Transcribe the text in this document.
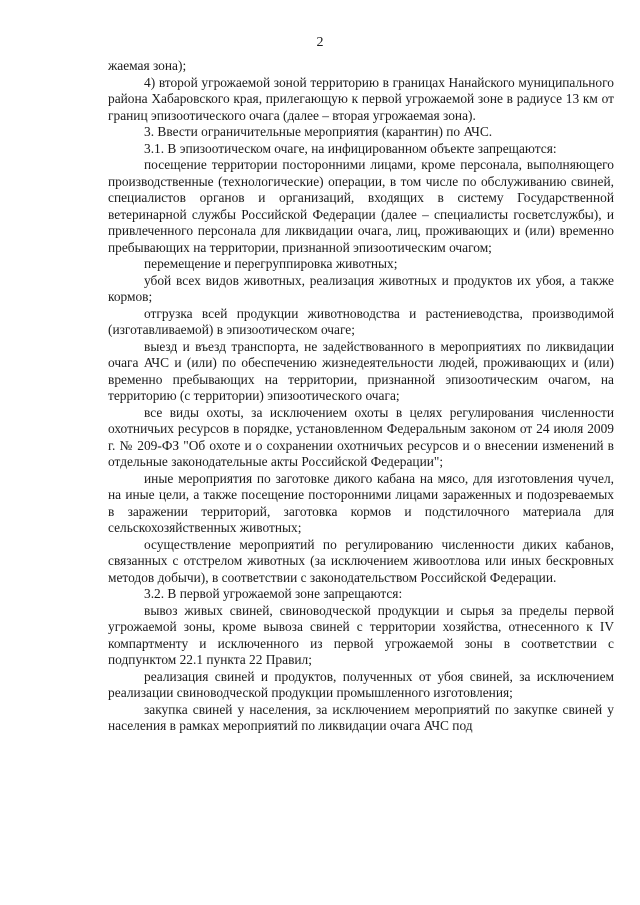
2

жаемая зона);

4) второй угрожаемой зоной территорию в границах Нанайского муниципального района Хабаровского края, прилегающую к первой угрожаемой зоне в радиусе 13 км от границ эпизоотического очага (далее – вторая угрожаемая зона).

3. Ввести ограничительные мероприятия (карантин) по АЧС.

3.1. В эпизоотическом очаге, на инфицированном объекте запрещаются:

посещение территории посторонними лицами, кроме персонала, выполняющего производственные (технологические) операции, в том числе по обслуживанию свиней, специалистов органов и организаций, входящих в систему Государственной ветеринарной службы Российской Федерации (далее – специалисты госветслужбы), и привлеченного персонала для ликвидации очага, лиц, проживающих и (или) временно пребывающих на территории, признанной эпизоотическим очагом;

перемещение и перегруппировка животных;

убой всех видов животных, реализация животных и продуктов их убоя, а также кормов;

отгрузка всей продукции животноводства и растениеводства, производимой (изготавливаемой) в эпизоотическом очаге;

выезд и въезд транспорта, не задействованного в мероприятиях по ликвидации очага АЧС и (или) по обеспечению жизнедеятельности людей, проживающих и (или) временно пребывающих на территории, признанной эпизоотическим очагом, на территорию (с территории) эпизоотического очага;

все виды охоты, за исключением охоты в целях регулирования численности охотничьих ресурсов в порядке, установленном Федеральным законом от 24 июля 2009 г. № 209-ФЗ "Об охоте и о сохранении охотничьих ресурсов и о внесении изменений в отдельные законодательные акты Российской Федерации";

иные мероприятия по заготовке дикого кабана на мясо, для изготовления чучел, на иные цели, а также посещение посторонними лицами зараженных и подозреваемых в заражении территорий, заготовка кормов и подстилочного материала для сельскохозяйственных животных;

осуществление мероприятий по регулированию численности диких кабанов, связанных с отстрелом животных (за исключением живоотлова или иных бескровных методов добычи), в соответствии с законодательством Российской Федерации.

3.2. В первой угрожаемой зоне запрещаются:

вывоз живых свиней, свиноводческой продукции и сырья за пределы первой угрожаемой зоны, кроме вывоза свиней с территории хозяйства, отнесенного к IV компартменту и исключенного из первой угрожаемой зоны в соответствии с подпунктом 22.1 пункта 22 Правил;

реализация свиней и продуктов, полученных от убоя свиней, за исключением реализации свиноводческой продукции промышленного изготовления;

закупка свиней у населения, за исключением мероприятий по закупке свиней у населения в рамках мероприятий по ликвидации очага АЧС под
